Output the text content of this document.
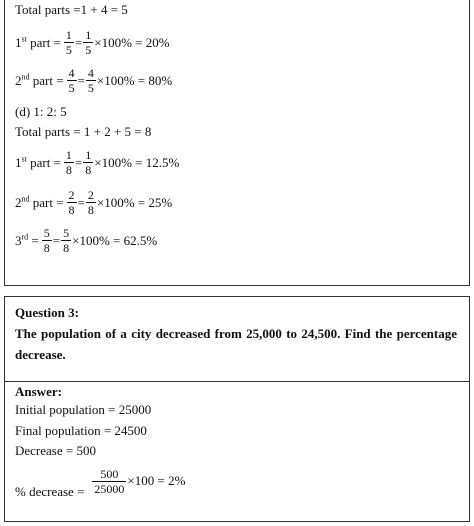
Total parts =1 + 4 = 5
1st part = $\frac{1}{5} = \frac{1}{5} \times 100\% = 20\%$
2nd part = $\frac{4}{5} = \frac{4}{5} \times 100\% = 80\%$
(d) 1: 2: 5
Total parts = 1 + 2 + 5 = 8
1st part = $\frac{1}{8} = \frac{1}{8} \times 100\% = 12.5\%$
2nd part = $\frac{2}{8} = \frac{2}{8} \times 100\% = 25\%$
$3rd = \frac{5}{8} = \frac{5}{8} \times 100\% = 62.5\%$
Question 3:
The population of a city decreased from 25,000 to 24,500. Find the percentage decrease.
Answer:
Initial population = 25000
Final population = 24500
Decrease = 500
% decrease = $\frac{500}{25000} \times 100 = 2\%$
